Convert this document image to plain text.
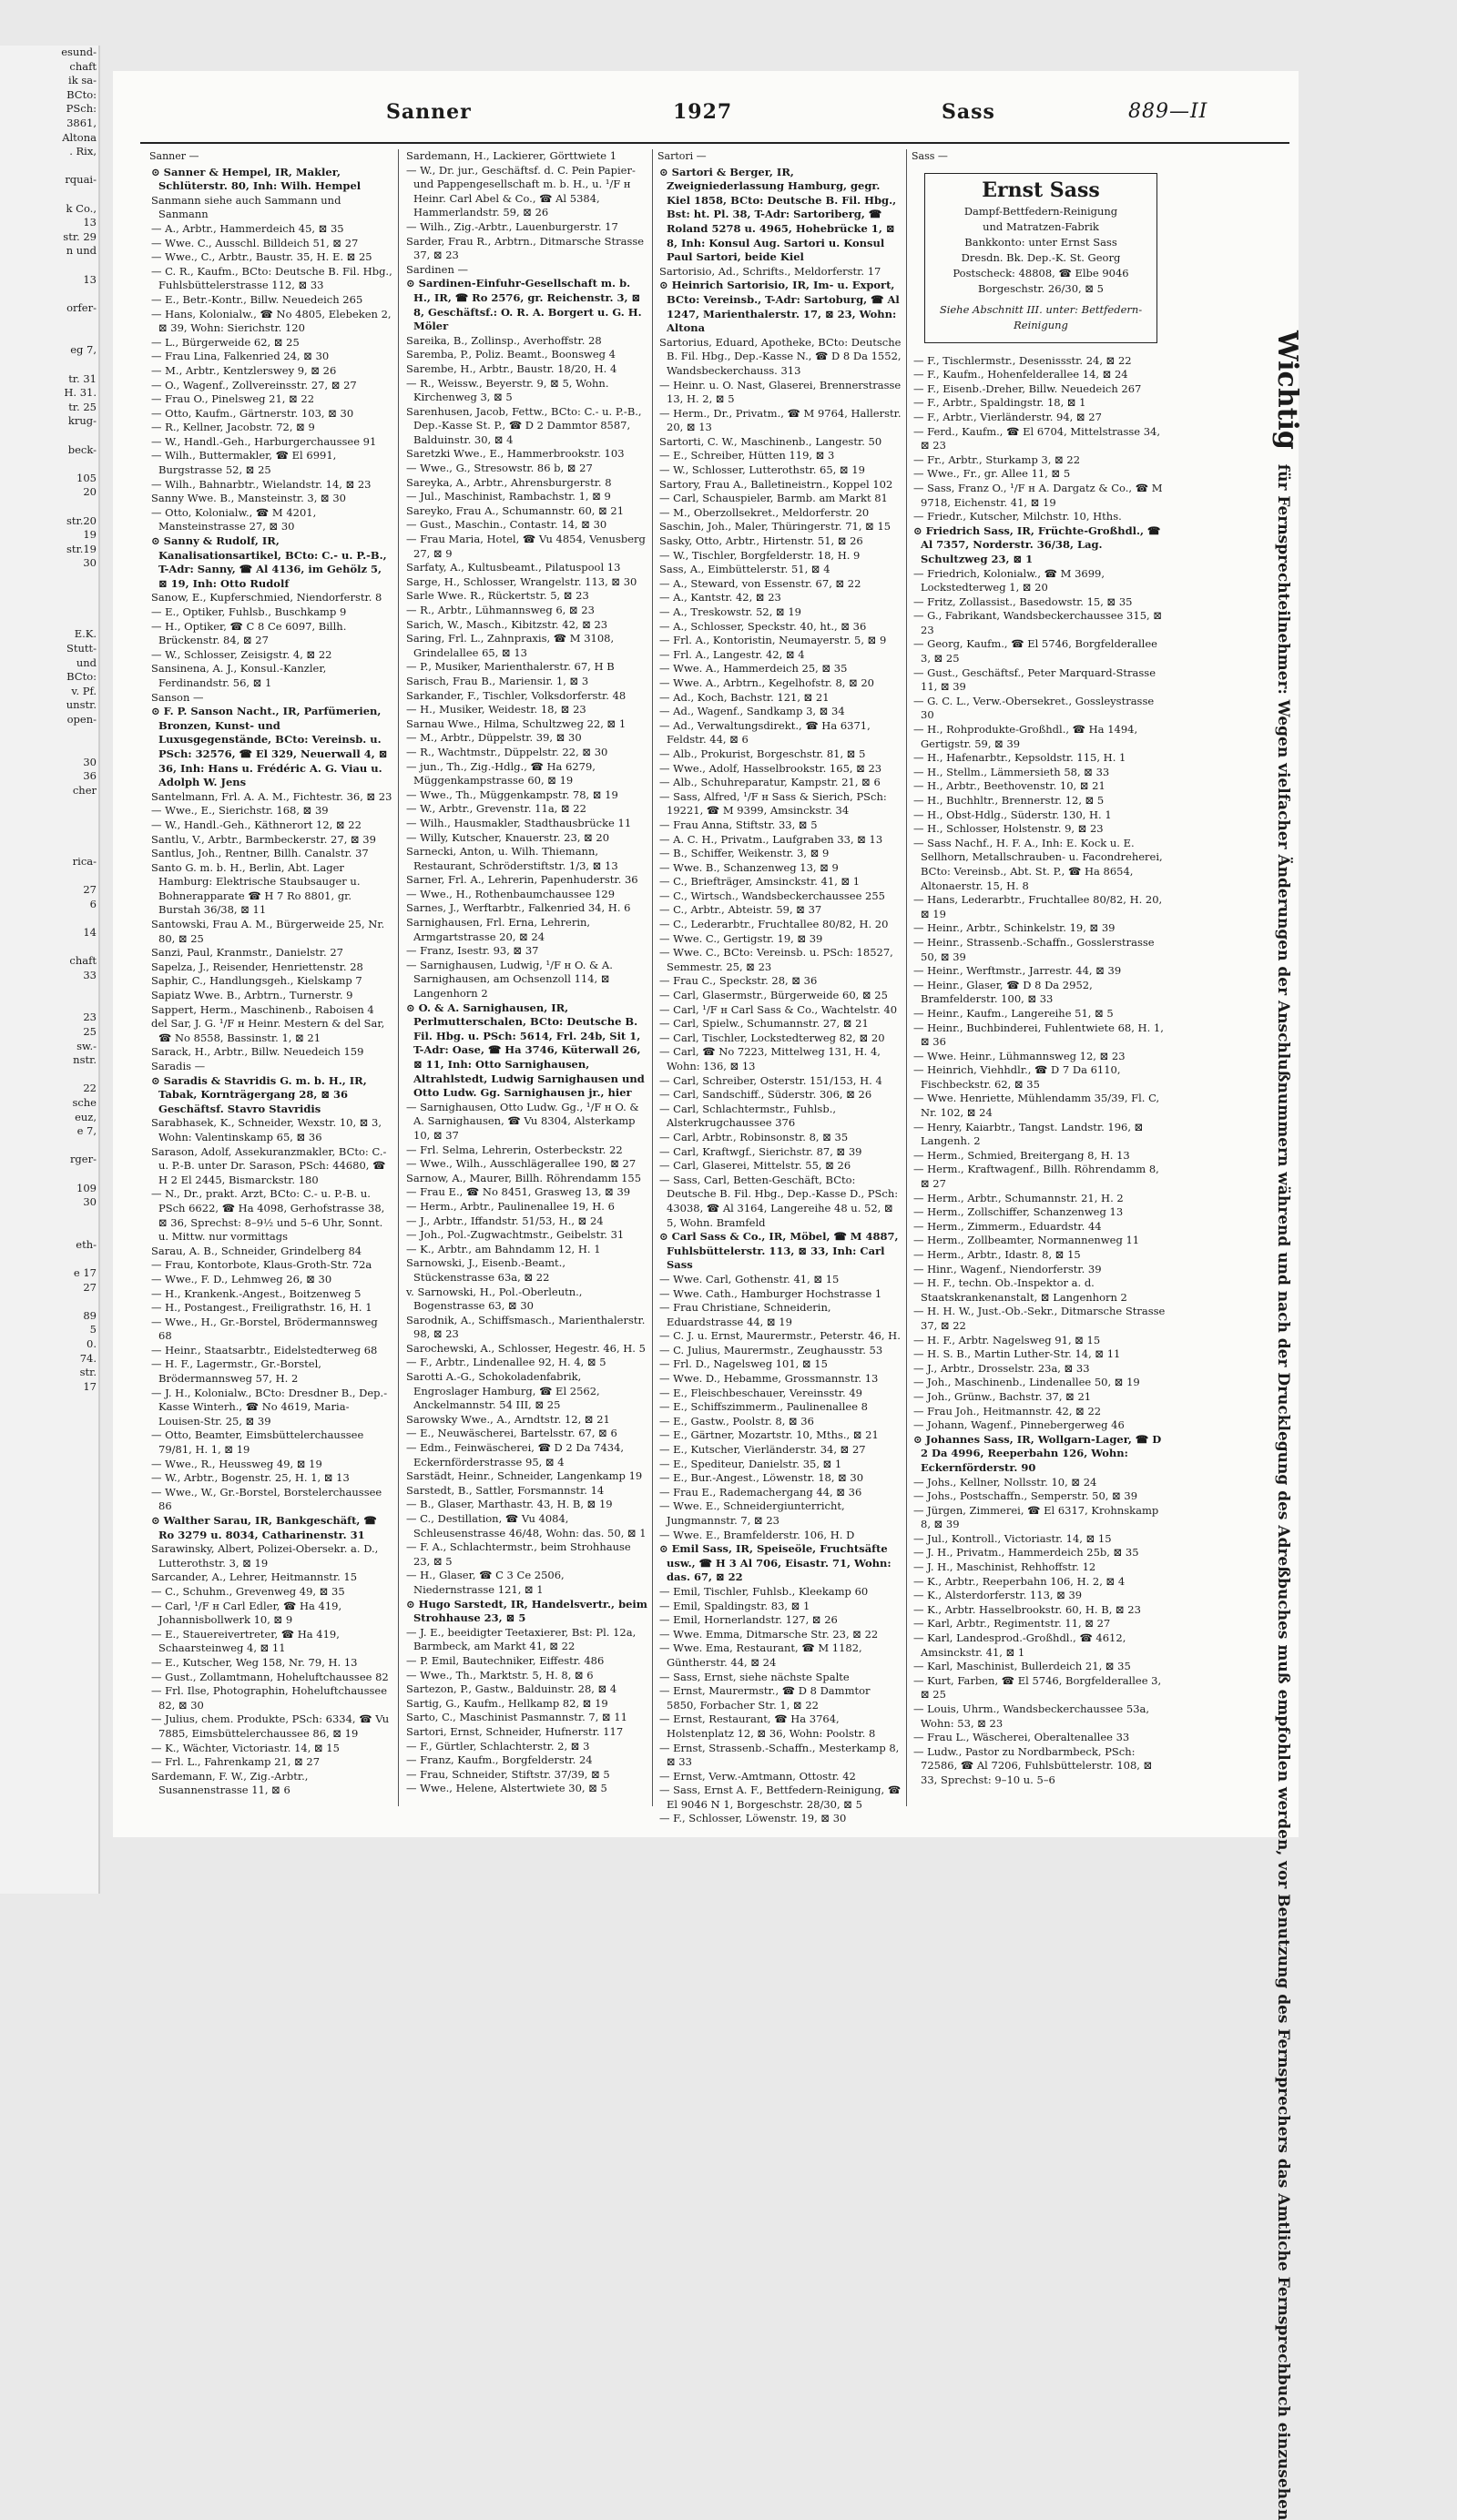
esund-
chaft
ik sa-
BCto:
PSch:
3861,
Altona
. Rix,

rquai-

k Co.,
13
str. 29
n und

13

orfer-

eg 7,

tr. 31
H. 31.
tr. 25
krug-

beck-

105
20

str.20
19
str.19
30

E.K.
Stutt-
und
BCto:
v. Pf.
unstr.
open-

30
36
cher

rica-

27
6

14

chaft
33

23
25
sw.-
nstr.

22
sche
euz,
e 7,

rger-

109
30

eth-

e 17
27

89
5
0.
74.
str.
17
Sanner	1927	Sass	889—II
Sanner —

⊙ Sanner & Hempel, IR, Makler, Schlüterstr. 80, Inh: Wilh. Hempel

Sanmann siehe auch Sammann und Sanmann

— A., Arbtr., Hammerdeich 45, ⊠ 35

— Wwe. C., Ausschl. Billdeich 51, ⊠ 27

— Wwe., C., Arbtr., Baustr. 35, H. E. ⊠ 25

— C. R., Kaufm., BCto: Deutsche B. Fil. Hbg., Fuhlsbüttelerstrasse 112, ⊠ 33

— E., Betr.-Kontr., Billw. Neuedeich 265

— Hans, Kolonialw., ☎ No 4805, Elebeken 2, ⊠ 39, Wohn: Sierichstr. 120

— L., Bürgerweide 62, ⊠ 25

— Frau Lina, Falkenried 24, ⊠ 30

— M., Arbtr., Kentzlerswey 9, ⊠ 26

— O., Wagenf., Zollvereinsstr. 27, ⊠ 27

— Frau O., Pinelsweg 21, ⊠ 22

— Otto, Kaufm., Gärtnerstr. 103, ⊠ 30

— R., Kellner, Jacobstr. 72, ⊠ 9

— W., Handl.-Geh., Harburgerchaussee 91

— Wilh., Buttermakler, ☎ El 6991, Burgstrasse 52, ⊠ 25

— Wilh., Bahnarbtr., Wielandstr. 14, ⊠ 23

Sanny Wwe. B., Mansteinstr. 3, ⊠ 30

— Otto, Kolonialw., ☎ M 4201, Mansteinstrasse 27, ⊠ 30

⊙ Sanny & Rudolf, IR, Kanalisationsartikel, BCto: C.- u. P.-B., T-Adr: Sanny, ☎ Al 4136, im Gehölz 5, ⊠ 19, Inh: Otto Rudolf

Sanow, E., Kupferschmied, Niendorferstr. 8

— E., Optiker, Fuhlsb., Buschkamp 9

— H., Optiker, ☎ C 8 Ce 6097, Billh. Brückenstr. 84, ⊠ 27

— W., Schlosser, Zeisigstr. 4, ⊠ 22

Sansinena, A. J., Konsul.-Kanzler, Ferdinandstr. 56, ⊠ 1

Sanson —

⊙ F. P. Sanson Nacht., IR, Parfümerien, Bronzen, Kunst- und Luxusgegenstände, BCto: Vereinsb. u. PSch: 32576, ☎ El 329, Neuerwall 4, ⊠ 36, Inh: Hans u. Frédéric A. G. Viau u. Adolph W. Jens

Santelmann, Frl. A. A. M., Fichtestr. 36, ⊠ 23

— Wwe., E., Sierichstr. 168, ⊠ 39

— W., Handl.-Geh., Käthnerort 12, ⊠ 22

Santlu, V., Arbtr., Barmbeckerstr. 27, ⊠ 39

Santlus, Joh., Rentner, Billh. Canalstr. 37

Santo G. m. b. H., Berlin, Abt. Lager Hamburg: Elektrische Staubsauger u. Bohnerapparate ☎ H 7 Ro 8801, gr. Burstah 36/38, ⊠ 11

Santowski, Frau A. M., Bürgerweide 25, Nr. 80, ⊠ 25

Sanzi, Paul, Kranmstr., Danielstr. 27

Sapelza, J., Reisender, Henriettenstr. 28

Saphir, C., Handlungsgeh., Kielskamp 7

Sapiatz Wwe. B., Arbtrn., Turnerstr. 9

Sappert, Herm., Maschinenb., Raboisen 4

del Sar, J. G. ¹/F ʜ Heinr. Mestern & del Sar, ☎ No 8558, Bassinstr. 1, ⊠ 21

Sarack, H., Arbtr., Billw. Neuedeich 159

Saradis —

⊙ Saradis & Stavridis G. m. b. H., IR, Tabak, Kornträgergang 28, ⊠ 36 Geschäftsf. Stavro Stavridis

Sarabhasek, K., Schneider, Wexstr. 10, ⊠ 3, Wohn: Valentinskamp 65, ⊠ 36

Sarason, Adolf, Assekuranzmakler, BCto: C.- u. P.-B. unter Dr. Sarason, PSch: 44680, ☎ H 2 El 2445, Bismarckstr. 180

— N., Dr., prakt. Arzt, BCto: C.- u. P.-B. u. PSch 6622, ☎ Ha 4098, Gerhofstrasse 38, ⊠ 36, Sprechst: 8–9½ und 5–6 Uhr, Sonnt. u. Mittw. nur vormittags

Sarau, A. B., Schneider, Grindelberg 84

— Frau, Kontorbote, Klaus-Groth-Str. 72a

— Wwe., F. D., Lehmweg 26, ⊠ 30

— H., Krankenk.-Angest., Boitzenweg 5

— H., Postangest., Freiligrathstr. 16, H. 1

— Wwe., H., Gr.-Borstel, Brödermannsweg 68

— Heinr., Staatsarbtr., Eidelstedterweg 68

— H. F., Lagermstr., Gr.-Borstel, Brödermannsweg 57, H. 2

— J. H., Kolonialw., BCto: Dresdner B., Dep.-Kasse Winterh., ☎ No 4619, Maria-Louisen-Str. 25, ⊠ 39

— Otto, Beamter, Eimsbüttelerchaussee 79/81, H. 1, ⊠ 19

— Wwe., R., Heussweg 49, ⊠ 19

— W., Arbtr., Bogenstr. 25, H. 1, ⊠ 13

— Wwe., W., Gr.-Borstel, Borstelerchaussee 86

⊙ Walther Sarau, IR, Bankgeschäft, ☎ Ro 3279 u. 8034, Catharinenstr. 31

Sarawinsky, Albert, Polizei-Obersekr. a. D., Lutterothstr. 3, ⊠ 19

Sarcander, A., Lehrer, Heitmannstr. 15

— C., Schuhm., Grevenweg 49, ⊠ 35

— Carl, ¹/F ʜ Carl Edler, ☎ Ha 419, Johannisbollwerk 10, ⊠ 9

— E., Stauereivertreter, ☎ Ha 419, Schaarsteinweg 4, ⊠ 11

— E., Kutscher, Weg 158, Nr. 79, H. 13

— Gust., Zollamtmann, Hoheluftchaussee 82

— Frl. Ilse, Photographin, Hoheluftchaussee 82, ⊠ 30

— Julius, chem. Produkte, PSch: 6334, ☎ Vu 7885, Eimsbüttelerchaussee 86, ⊠ 19

— K., Wächter, Victoriastr. 14, ⊠ 15

— Frl. L., Fahrenkamp 21, ⊠ 27

Sardemann, F. W., Zig.-Arbtr., Susannenstrasse 11, ⊠ 6

Sardemann, H., Lackierer, Görttwiete 1

— W., Dr. jur., Geschäftsf. d. C. Pein Papier- und Pappengesellschaft m. b. H., u. ¹/F ʜ Heinr. Carl Abel & Co., ☎ Al 5384, Hammerlandstr. 59, ⊠ 26

— Wilh., Zig.-Arbtr., Lauenburgerstr. 17

Sarder, Frau R., Arbtrn., Ditmarsche Strasse 37, ⊠ 23

Sardinen —

⊙ Sardinen-Einfuhr-Gesellschaft m. b. H., IR, ☎ Ro 2576, gr. Reichenstr. 3, ⊠ 8, Geschäftsf.: O. R. A. Borgert u. G. H. Möler

Sareika, B., Zollinsp., Averhoffstr. 28

Saremba, P., Poliz. Beamt., Boonsweg 4

Sarembe, H., Arbtr., Baustr. 18/20, H. 4

— R., Weissw., Beyerstr. 9, ⊠ 5, Wohn. Kirchenweg 3, ⊠ 5

Sarenhusen, Jacob, Fettw., BCto: C.- u. P.-B., Dep.-Kasse St. P., ☎ D 2 Dammtor 8587, Balduinstr. 30, ⊠ 4

Saretzki Wwe., E., Hammerbrookstr. 103

— Wwe., G., Stresowstr. 86 b, ⊠ 27

Sareyka, A., Arbtr., Ahrensburgerstr. 8

— Jul., Maschinist, Rambachstr. 1, ⊠ 9

Sareyko, Frau A., Schumannstr. 60, ⊠ 21

— Gust., Maschin., Contastr. 14, ⊠ 30

— Frau Maria, Hotel, ☎ Vu 4854, Venusberg 27, ⊠ 9

Sarfaty, A., Kultusbeamt., Pilatuspool 13

Sarge, H., Schlosser, Wrangelstr. 113, ⊠ 30

Sarle Wwe. R., Rückertstr. 5, ⊠ 23

— R., Arbtr., Lühmannsweg 6, ⊠ 23

Sarich, W., Masch., Kibitzstr. 42, ⊠ 23

Saring, Frl. L., Zahnpraxis, ☎ M 3108, Grindelallee 65, ⊠ 13

— P., Musiker, Marienthalerstr. 67, H B

Sarisch, Frau B., Mariensir. 1, ⊠ 3

Sarkander, F., Tischler, Volksdorferstr. 48

— H., Musiker, Weidestr. 18, ⊠ 23

Sarnau Wwe., Hilma, Schultzweg 22, ⊠ 1

— M., Arbtr., Düppelstr. 39, ⊠ 30

— R., Wachtmstr., Düppelstr. 22, ⊠ 30

— jun., Th., Zig.-Hdlg., ☎ Ha 6279, Müggenkampstrasse 60, ⊠ 19

— Wwe., Th., Müggenkampstr. 78, ⊠ 19

— W., Arbtr., Grevenstr. 11a, ⊠ 22

— Wilh., Hausmakler, Stadthausbrücke 11

— Willy, Kutscher, Knauerstr. 23, ⊠ 20

Sarnecki, Anton, u. Wilh. Thiemann, Restaurant, Schröderstiftstr. 1/3, ⊠ 13

Sarner, Frl. A., Lehrerin, Papenhuderstr. 36

— Wwe., H., Rothenbaumchaussee 129

Sarnes, J., Werftarbtr., Falkenried 34, H. 6

Sarnighausen, Frl. Erna, Lehrerin, Armgartstrasse 20, ⊠ 24

— Franz, Isestr. 93, ⊠ 37

— Sarnighausen, Ludwig, ¹/F ʜ O. & A. Sarnighausen, am Ochsenzoll 114, ⊠ Langenhorn 2

⊙ O. & A. Sarnighausen, IR, Perlmutterschalen, BCto: Deutsche B. Fil. Hbg. u. PSch: 5614, Frl. 24b, Sit 1, T-Adr: Oase, ☎ Ha 3746, Küterwall 26, ⊠ 11, Inh: Otto Sarnighausen, Altrahlstedt, Ludwig Sarnighausen und Otto Ludw. Gg. Sarnighausen jr., hier

— Sarnighausen, Otto Ludw. Gg., ¹/F ʜ O. & A. Sarnighausen, ☎ Vu 8304, Alsterkamp 10, ⊠ 37

— Frl. Selma, Lehrerin, Osterbeckstr. 22

— Wwe., Wilh., Ausschlägerallee 190, ⊠ 27

Sarnow, A., Maurer, Billh. Röhrendamm 155

— Frau E., ☎ No 8451, Grasweg 13, ⊠ 39

— Herm., Arbtr., Paulinenallee 19, H. 6

— J., Arbtr., Iffandstr. 51/53, H., ⊠ 24

— Joh., Pol.-Zugwachtmstr., Geibelstr. 31

— K., Arbtr., am Bahndamm 12, H. 1

Sarnowski, J., Eisenb.-Beamt., Stückenstrasse 63a, ⊠ 22

v. Sarnowski, H., Pol.-Oberleutn., Bogenstrasse 63, ⊠ 30

Sarodnik, A., Schiffsmasch., Marienthalerstr. 98, ⊠ 23

Sarochewski, A., Schlosser, Hegestr. 46, H. 5

— F., Arbtr., Lindenallee 92, H. 4, ⊠ 5

Sarotti A.-G., Schokoladenfabrik, Engroslager Hamburg, ☎ El 2562, Anckelmannstr. 54 III, ⊠ 25

Sarowsky Wwe., A., Arndtstr. 12, ⊠ 21

— E., Neuwäscherei, Bartelsstr. 67, ⊠ 6

— Edm., Feinwäscherei, ☎ D 2 Da 7434, Eckernförderstrasse 95, ⊠ 4

Sarstädt, Heinr., Schneider, Langenkamp 19

Sarstedt, B., Sattler, Forsmannstr. 14

— B., Glaser, Marthastr. 43, H. B, ⊠ 19

— C., Destillation, ☎ Vu 4084, Schleusenstrasse 46/48, Wohn: das. 50, ⊠ 1

— F. A., Schlachtermstr., beim Strohhause 23, ⊠ 5

— H., Glaser, ☎ C 3 Ce 2506, Niedernstrasse 121, ⊠ 1

⊙ Hugo Sarstedt, IR, Handelsvertr., beim Strohhause 23, ⊠ 5

— J. E., beeidigter Teetaxierer, Bst: Pl. 12a, Barmbeck, am Markt 41, ⊠ 22

— P. Emil, Bautechniker, Eiffestr. 486

— Wwe., Th., Marktstr. 5, H. 8, ⊠ 6

Sartezon, P., Gastw., Balduinstr. 28, ⊠ 4

Sartig, G., Kaufm., Hellkamp 82, ⊠ 19

Sarto, C., Maschinist Pasmannstr. 7, ⊠ 11

Sartori, Ernst, Schneider, Hufnerstr. 117

— F., Gürtler, Schlachterstr. 2, ⊠ 3

— Franz, Kaufm., Borgfelderstr. 24

— Frau, Schneider, Stiftstr. 37/39, ⊠ 5

— Wwe., Helene, Alstertwiete 30, ⊠ 5

Sartori —

⊙ Sartori & Berger, IR, Zweigniederlassung Hamburg, gegr. Kiel 1858, BCto: Deutsche B. Fil. Hbg., Bst: ht. Pl. 38, T-Adr: Sartoriberg, ☎ Roland 5278 u. 4965, Hohebrücke 1, ⊠ 8, Inh: Konsul Aug. Sartori u. Konsul Paul Sartori, beide Kiel

Sartorisio, Ad., Schrifts., Meldorferstr. 17

⊙ Heinrich Sartorisio, IR, Im- u. Export, BCto: Vereinsb., T-Adr: Sartoburg, ☎ Al 1247, Marienthalerstr. 17, ⊠ 23, Wohn: Altona

Sartorius, Eduard, Apotheke, BCto: Deutsche B. Fil. Hbg., Dep.-Kasse N., ☎ D 8 Da 1552, Wandsbeckerchauss. 313

— Heinr. u. O. Nast, Glaserei, Brennerstrasse 13, H. 2, ⊠ 5

— Herm., Dr., Privatm., ☎ M 9764, Hallerstr. 20, ⊠ 13

Sartorti, C. W., Maschinenb., Langestr. 50

— E., Schreiber, Hütten 119, ⊠ 3

— W., Schlosser, Lutterothstr. 65, ⊠ 19

Sartory, Frau A., Balletineistrn., Koppel 102

— Carl, Schauspieler, Barmb. am Markt 81

— M., Oberzollsekret., Meldorferstr. 20

Saschin, Joh., Maler, Thüringerstr. 71, ⊠ 15

Sasky, Otto, Arbtr., Hirtenstr. 51, ⊠ 26

— W., Tischler, Borgfelderstr. 18, H. 9

Sass, A., Eimbüttelerstr. 51, ⊠ 4

— A., Steward, von Essenstr. 67, ⊠ 22

— A., Kantstr. 42, ⊠ 23

— A., Treskowstr. 52, ⊠ 19

— A., Schlosser, Speckstr. 40, ht., ⊠ 36

— Frl. A., Kontoristin, Neumayerstr. 5, ⊠ 9

— Frl. A., Langestr. 42, ⊠ 4

— Wwe. A., Hammerdeich 25, ⊠ 35

— Wwe. A., Arbtrn., Kegelhofstr. 8, ⊠ 20

— Ad., Koch, Bachstr. 121, ⊠ 21

— Ad., Wagenf., Sandkamp 3, ⊠ 34

— Ad., Verwaltungsdirekt., ☎ Ha 6371, Feldstr. 44, ⊠ 6

— Alb., Prokurist, Borgeschstr. 81, ⊠ 5

— Wwe., Adolf, Hasselbrookstr. 165, ⊠ 23

— Alb., Schuhreparatur, Kampstr. 21, ⊠ 6

— Sass, Alfred, ¹/F ʜ Sass & Sierich, PSch: 19221, ☎ M 9399, Amsinckstr. 34

— Frau Anna, Stiftstr. 33, ⊠ 5

— A. C. H., Privatm., Laufgraben 33, ⊠ 13

— B., Schiffer, Weikenstr. 3, ⊠ 9

— Wwe. B., Schanzenweg 13, ⊠ 9

— C., Briefträger, Amsinckstr. 41, ⊠ 1

— C., Wirtsch., Wandsbeckerchaussee 255

— C., Arbtr., Abteistr. 59, ⊠ 37

— C., Lederarbtr., Fruchtallee 80/82, H. 20

— Wwe. C., Gertigstr. 19, ⊠ 39

— Wwe. C., BCto: Vereinsb. u. PSch: 18527, Semmestr. 25, ⊠ 23

— Frau C., Speckstr. 28, ⊠ 36

— Carl, Glasermstr., Bürgerweide 60, ⊠ 25

— Carl, ¹/F ʜ Carl Sass & Co., Wachtelstr. 40

— Carl, Spielw., Schumannstr. 27, ⊠ 21

— Carl, Tischler, Lockstedterweg 82, ⊠ 20

— Carl, ☎ No 7223, Mittelweg 131, H. 4, Wohn: 136, ⊠ 13

— Carl, Schreiber, Osterstr. 151/153, H. 4

— Carl, Sandschiff., Süderstr. 306, ⊠ 26

— Carl, Schlachtermstr., Fuhlsb., Alsterkrugchaussee 376

— Carl, Arbtr., Robinsonstr. 8, ⊠ 35

— Carl, Kraftwgf., Sierichstr. 87, ⊠ 39

— Carl, Glaserei, Mittelstr. 55, ⊠ 26

— Sass, Carl, Betten-Geschäft, BCto: Deutsche B. Fil. Hbg., Dep.-Kasse D., PSch: 43038, ☎ Al 3164, Langereihe 48 u. 52, ⊠ 5, Wohn. Bramfeld

⊙ Carl Sass & Co., IR, Möbel, ☎ M 4887, Fuhlsbüttelerstr. 113, ⊠ 33, Inh: Carl Sass

— Wwe. Carl, Gothenstr. 41, ⊠ 15

— Wwe. Cath., Hamburger Hochstrasse 1

— Frau Christiane, Schneiderin, Eduardstrasse 44, ⊠ 19

— C. J. u. Ernst, Maurermstr., Peterstr. 46, H.

— C. Julius, Maurermstr., Zeughausstr. 53

— Frl. D., Nagelsweg 101, ⊠ 15

— Wwe. D., Hebamme, Grossmannstr. 13

— E., Fleischbeschauer, Vereinsstr. 49

— E., Schiffszimmerm., Paulinenallee 8

— E., Gastw., Poolstr. 8, ⊠ 36

— E., Gärtner, Mozartstr. 10, Mths., ⊠ 21

— E., Kutscher, Vierländerstr. 34, ⊠ 27

— E., Spediteur, Danielstr. 35, ⊠ 1

— E., Bur.-Angest., Löwenstr. 18, ⊠ 30

— Frau E., Rademachergang 44, ⊠ 36

— Wwe. E., Schneidergiunterricht, Jungmannstr. 7, ⊠ 23

— Wwe. E., Bramfelderstr. 106, H. D

⊙ Emil Sass, IR, Speiseöle, Fruchtsäfte usw., ☎ H 3 Al 706, Eisastr. 71, Wohn: das. 67, ⊠ 22

— Emil, Tischler, Fuhlsb., Kleekamp 60

— Emil, Spaldingstr. 83, ⊠ 1

— Emil, Hornerlandstr. 127, ⊠ 26

— Wwe. Emma, Ditmarsche Str. 23, ⊠ 22

— Wwe. Ema, Restaurant, ☎ M 1182, Güntherstr. 44, ⊠ 24

— Sass, Ernst, siehe nächste Spalte

— Ernst, Maurermstr., ☎ D 8 Dammtor 5850, Forbacher Str. 1, ⊠ 22

— Ernst, Restaurant, ☎ Ha 3764, Holstenplatz 12, ⊠ 36, Wohn: Poolstr. 8

— Ernst, Strassenb.-Schaffn., Mesterkamp 8, ⊠ 33

— Ernst, Verw.-Amtmann, Ottostr. 42

— Sass, Ernst A. F., Bettfedern-Reinigung, ☎ El 9046 N 1, Borgeschstr. 28/30, ⊠ 5

— F., Schlosser, Löwenstr. 19, ⊠ 30

Sass —
Ernst Sass
Dampf-Bettfedern-Reinigung
und Matratzen-Fabrik
Bankkonto: unter Ernst Sass
Dresdn. Bk. Dep.-K. St. Georg
Postscheck: 48808, ☎ Elbe 9046
Borgeschstr. 26/30, ⊠ 5
Siehe Abschnitt III. unter: Bettfedern-Reinigung

— F., Tischlermstr., Desenissstr. 24, ⊠ 22

— F., Kaufm., Hohenfelderallee 14, ⊠ 24

— F., Eisenb.-Dreher, Billw. Neuedeich 267

— F., Arbtr., Spaldingstr. 18, ⊠ 1

— F., Arbtr., Vierländerstr. 94, ⊠ 27

— Ferd., Kaufm., ☎ El 6704, Mittelstrasse 34, ⊠ 23

— Fr., Arbtr., Sturkamp 3, ⊠ 22

— Wwe., Fr., gr. Allee 11, ⊠ 5

— Sass, Franz O., ¹/F ʜ A. Dargatz & Co., ☎ M 9718, Eichenstr. 41, ⊠ 19

— Friedr., Kutscher, Milchstr. 10, Hths.

⊙ Friedrich Sass, IR, Früchte-Großhdl., ☎ Al 7357, Norderstr. 36/38, Lag. Schultzweg 23, ⊠ 1

— Friedrich, Kolonialw., ☎ M 3699, Lockstedterweg 1, ⊠ 20

— Fritz, Zollassist., Basedowstr. 15, ⊠ 35

— G., Fabrikant, Wandsbeckerchaussee 315, ⊠ 23

— Georg, Kaufm., ☎ El 5746, Borgfelderallee 3, ⊠ 25

— Gust., Geschäftsf., Peter Marquard-Strasse 11, ⊠ 39

— G. C. L., Verw.-Obersekret., Gossleystrasse 30

— H., Rohprodukte-Großhdl., ☎ Ha 1494, Gertigstr. 59, ⊠ 39

— H., Hafenarbtr., Kepsoldstr. 115, H. 1

— H., Stellm., Lämmersieth 58, ⊠ 33

— H., Arbtr., Beethovenstr. 10, ⊠ 21

— H., Buchhltr., Brennerstr. 12, ⊠ 5

— H., Obst-Hdlg., Süderstr. 130, H. 1

— H., Schlosser, Holstenstr. 9, ⊠ 23

— Sass Nachf., H. F. A., Inh: E. Kock u. E. Sellhorn, Metallschrauben- u. Facondreherei, BCto: Vereinsb., Abt. St. P., ☎ Ha 8654, Altonaerstr. 15, H. 8

— Hans, Lederarbtr., Fruchtallee 80/82, H. 20, ⊠ 19

— Heinr., Arbtr., Schinkelstr. 19, ⊠ 39

— Heinr., Strassenb.-Schaffn., Gosslerstrasse 50, ⊠ 39

— Heinr., Werftmstr., Jarrestr. 44, ⊠ 39

— Heinr., Glaser, ☎ D 8 Da 2952, Bramfelderstr. 100, ⊠ 33

— Heinr., Kaufm., Langereihe 51, ⊠ 5

— Heinr., Buchbinderei, Fuhlentwiete 68, H. 1, ⊠ 36

— Wwe. Heinr., Lühmannsweg 12, ⊠ 23

— Heinrich, Viehhdlr., ☎ D 7 Da 6110, Fischbeckstr. 62, ⊠ 35

— Wwe. Henriette, Mühlendamm 35/39, Fl. C, Nr. 102, ⊠ 24

— Henry, Kaiarbtr., Tangst. Landstr. 196, ⊠ Langenh. 2

— Herm., Schmied, Breitergang 8, H. 13

— Herm., Kraftwagenf., Billh. Röhrendamm 8, ⊠ 27

— Herm., Arbtr., Schumannstr. 21, H. 2

— Herm., Zollschiffer, Schanzenweg 13

— Herm., Zimmerm., Eduardstr. 44

— Herm., Zollbeamter, Normannenweg 11

— Herm., Arbtr., Idastr. 8, ⊠ 15

— Hinr., Wagenf., Niendorferstr. 39

— H. F., techn. Ob.-Inspektor a. d. Staatskrankenanstalt, ⊠ Langenhorn 2

— H. H. W., Just.-Ob.-Sekr., Ditmarsche Strasse 37, ⊠ 22

— H. F., Arbtr. Nagelsweg 91, ⊠ 15

— H. S. B., Martin Luther-Str. 14, ⊠ 11

— J., Arbtr., Drosselstr. 23a, ⊠ 33

— Joh., Maschinenb., Lindenallee 50, ⊠ 19

— Joh., Grünw., Bachstr. 37, ⊠ 21

— Frau Joh., Heitmannstr. 42, ⊠ 22

— Johann, Wagenf., Pinnebergerweg 46

⊙ Johannes Sass, IR, Wollgarn-Lager, ☎ D 2 Da 4996, Reeperbahn 126, Wohn: Eckernförderstr. 90

— Johs., Kellner, Nollsstr. 10, ⊠ 24

— Johs., Postschaffn., Semperstr. 50, ⊠ 39

— Jürgen, Zimmerei, ☎ El 6317, Krohnskamp 8, ⊠ 39

— Jul., Kontroll., Victoriastr. 14, ⊠ 15

— J. H., Privatm., Hammerdeich 25b, ⊠ 35

— J. H., Maschinist, Rehhoffstr. 12

— K., Arbtr., Reeperbahn 106, H. 2, ⊠ 4

— K., Alsterdorferstr. 113, ⊠ 39

— K., Arbtr. Hasselbrookstr. 60, H. B, ⊠ 23

— Karl, Arbtr., Regimentstr. 11, ⊠ 27

— Karl, Landesprod.-Großhdl., ☎ 4612, Amsinckstr. 41, ⊠ 1

— Karl, Maschinist, Bullerdeich 21, ⊠ 35

— Kurt, Farben, ☎ El 5746, Borgfelderallee 3, ⊠ 25

— Louis, Uhrm., Wandsbeckerchaussee 53a, Wohn: 53, ⊠ 23

— Frau L., Wäscherei, Oberaltenallee 33

— Ludw., Pastor zu Nordbarmbeck, PSch: 72586, ☎ Al 7206, Fuhlsbüttelerstr. 108, ⊠ 33, Sprechst: 9–10 u. 5–6

Wichtig für Fernsprechteilnehmer: Wegen vielfacher Änderungen der Anschlußnummern während und nach der Drucklegung des Adreßbuches muß empfohlen werden, vor Benutzung des Fernsprechers das Amtliche Fernsprechbuch einzusehen
